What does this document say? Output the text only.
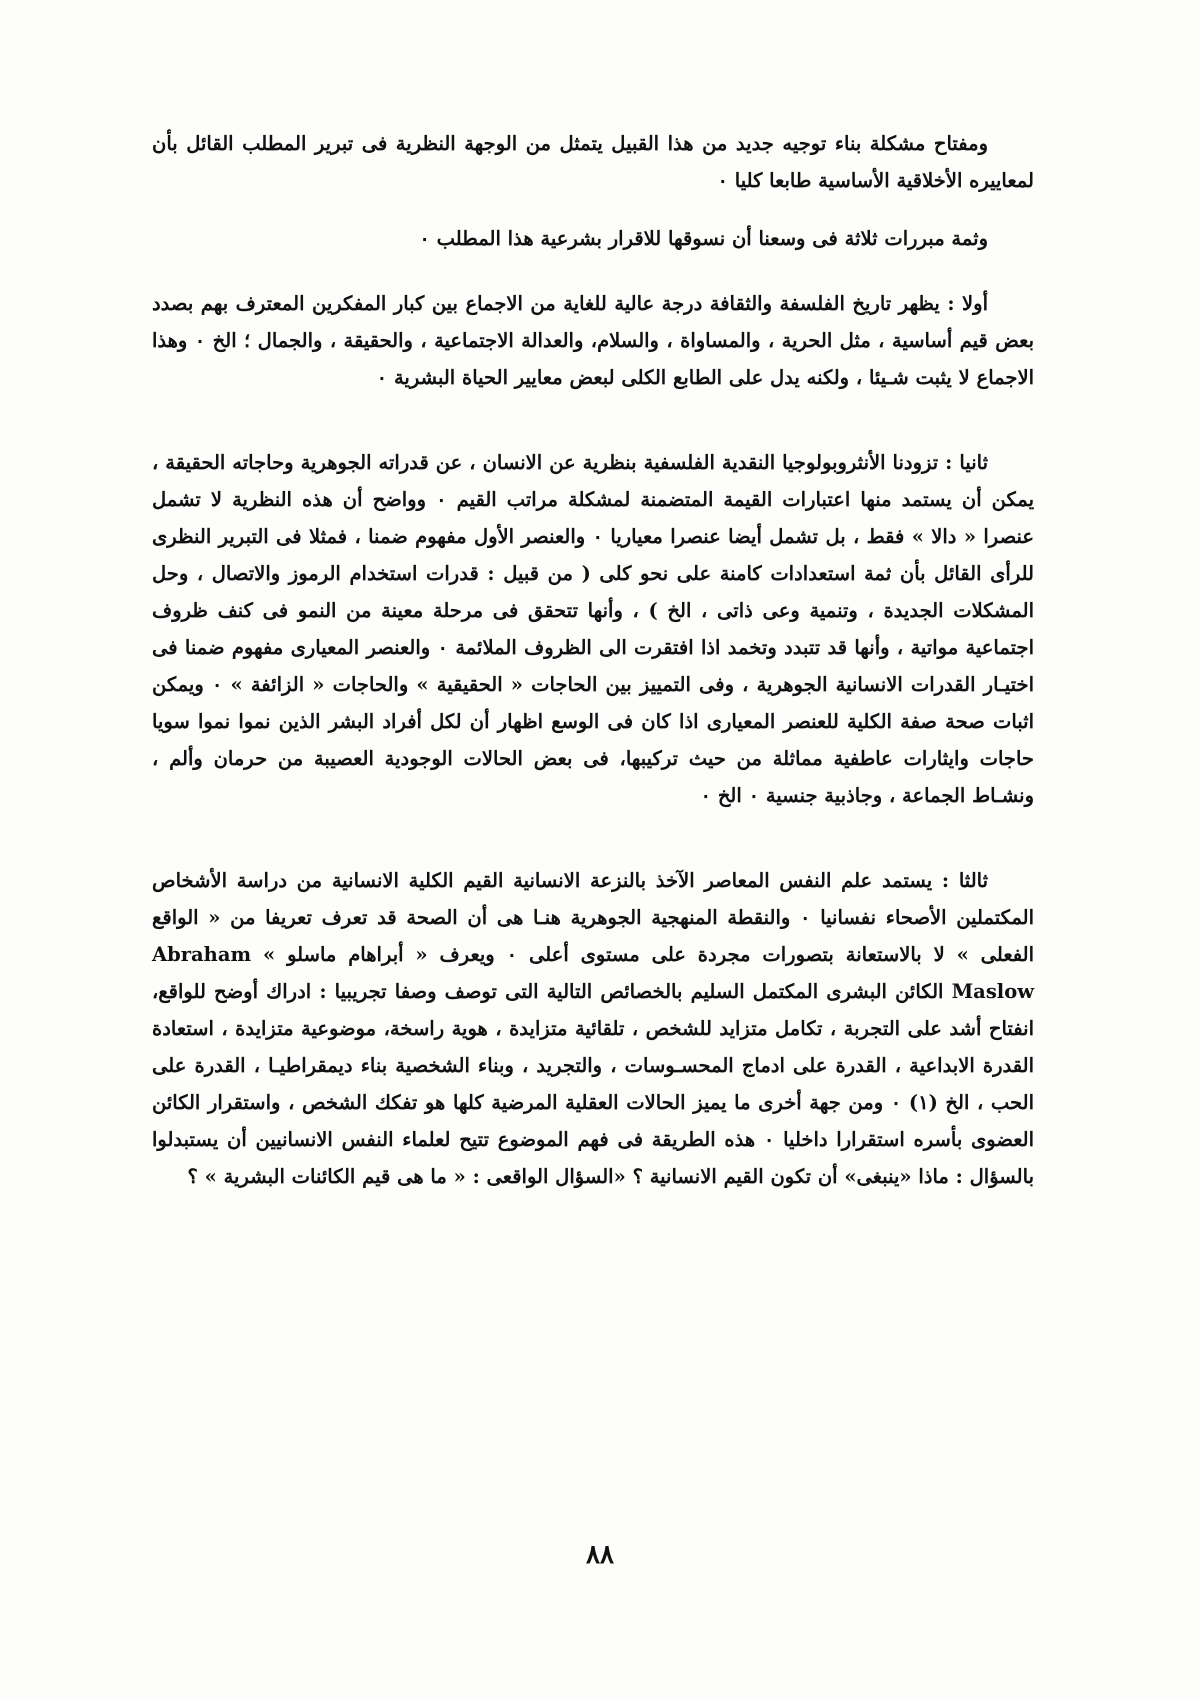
ومفتاح مشكلة بناء توجيه جديد من هذا القبيل يتمثل من الوجهة النظرية فى تبرير المطلب القائل بأن لمعاييره الأخلاقية الأساسية طابعا كليا ٠

وثمة مبررات ثلاثة فى وسعنا أن نسوقها للاقرار بشرعية هذا المطلب ٠

أولا : يظهر تاريخ الفلسفة والثقافة درجة عالية للغاية من الاجماع بين كبار المفكرين المعترف بهم بصدد بعض قيم أساسية ، مثل الحرية ، والمساواة ، والسلام، والعدالة الاجتماعية ، والحقيقة ، والجمال ؛ الخ ٠ وهذا الاجماع لا يثبت شـيئا ، ولكنه يدل على الطابع الكلى لبعض معايير الحياة البشرية ٠

ثانيا : تزودنا الأنثروبولوجيا النقدية الفلسفية بنظرية عن الانسان ، عن قدراته الجوهرية وحاجاته الحقيقة ، يمكن أن يستمد منها اعتبارات القيمة المتضمنة لمشكلة مراتب القيم ٠ وواضح أن هذه النظرية لا تشمل عنصرا « دالا » فقط ، بل تشمل أيضا عنصرا معياريا ٠ والعنصر الأول مفهوم ضمنا ، فمثلا فى التبرير النظرى للرأى القائل بأن ثمة استعدادات كامنة على نحو كلى ( من قبيل : قدرات استخدام الرموز والاتصال ، وحل المشكلات الجديدة ، وتنمية وعى ذاتى ، الخ ) ، وأنها تتحقق فى مرحلة معينة من النمو فى كنف ظروف اجتماعية مواتية ، وأنها قد تتبدد وتخمد اذا افتقرت الى الظروف الملائمة ٠ والعنصر المعيارى مفهوم ضمنا فى اختيـار القدرات الانسانية الجوهرية ، وفى التمييز بين الحاجات « الحقيقية » والحاجات « الزائفة » ٠ ويمكن اثبات صحة صفة الكلية للعنصر المعيارى اذا كان فى الوسع اظهار أن لكل أفراد البشر الذين نموا نموا سويا حاجات وايثارات عاطفية مماثلة من حيث تركيبها، فى بعض الحالات الوجودية العصيبة من حرمان وألم ، ونشـاط الجماعة ، وجاذبية جنسية ٠ الخ ٠

ثالثا : يستمد علم النفس المعاصر الآخذ بالنزعة الانسانية القيم الكلية الانسانية من دراسة الأشخاص المكتملين الأصحاء نفسانيا ٠ والنقطة المنهجية الجوهرية هنـا هى أن الصحة قد تعرف تعريفا من « الواقع الفعلى » لا بالاستعانة بتصورات مجردة على مستوى أعلى ٠ ويعرف « أبراهام ماسلو » Abraham Maslow الكائن البشرى المكتمل السليم بالخصائص التالية التى توصف وصفا تجريبيا : ادراك أوضح للواقع، انفتاح أشد على التجربة ، تكامل متزايد للشخص ، تلقائية متزايدة ، هوية راسخة، موضوعية متزايدة ، استعادة القدرة الابداعية ، القدرة على ادماج المحسـوسات ، والتجريد ، وبناء الشخصية بناء ديمقراطيـا ، القدرة على الحب ، الخ (١) ٠ ومن جهة أخرى ما يميز الحالات العقلية المرضية كلها هو تفكك الشخص ، واستقرار الكائن العضوى بأسره استقرارا داخليا ٠ هذه الطريقة فى فهم الموضوع تتيح لعلماء النفس الانسانيين أن يستبدلوا بالسؤال : ماذا «ينبغى» أن تكون القيم الانسانية ؟ «السؤال الواقعى : « ما هى قيم الكائنات البشرية » ؟

٨٨
